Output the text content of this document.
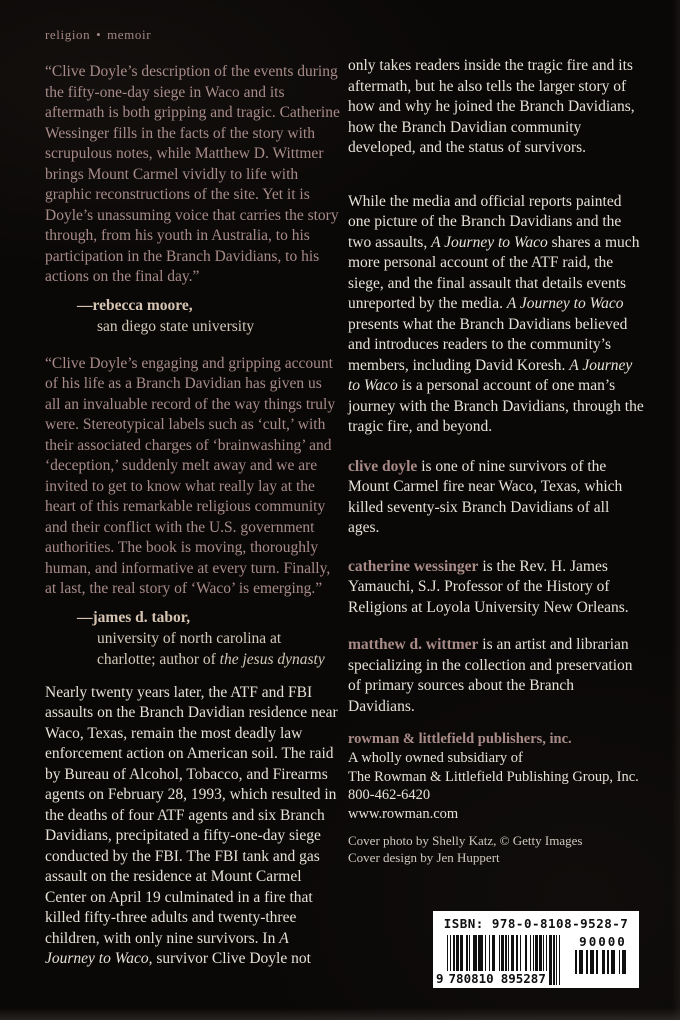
religion • memoir

“Clive Doyle’s description of the events during the fifty-one-day siege in Waco and its aftermath is both gripping and tragic. Catherine Wessinger fills in the facts of the story with scrupulous notes, while Matthew D. Wittmer brings Mount Carmel vividly to life with graphic reconstructions of the site. Yet it is Doyle’s unassuming voice that carries the story through, from his youth in Australia, to his participation in the Branch Davidians, to his actions on the final day.”

—rebecca moore,
san diego state university

“Clive Doyle’s engaging and gripping account of his life as a Branch Davidian has given us all an invaluable record of the way things truly were. Stereotypical labels such as ‘cult,’ with their associated charges of ‘brainwashing’ and ‘deception,’ suddenly melt away and we are invited to get to know what really lay at the heart of this remarkable religious community and their conflict with the U.S. government authorities. The book is moving, thoroughly human, and informative at every turn. Finally, at last, the real story of ‘Waco’ is emerging.”

—james d. tabor,
university of north carolina at charlotte; author of the jesus dynasty

Nearly twenty years later, the ATF and FBI assaults on the Branch Davidian residence near Waco, Texas, remain the most deadly law enforcement action on American soil. The raid by Bureau of Alcohol, Tobacco, and Firearms agents on February 28, 1993, which resulted in the deaths of four ATF agents and six Branch Davidians, precipitated a fifty-one-day siege conducted by the FBI. The FBI tank and gas assault on the residence at Mount Carmel Center on April 19 culminated in a fire that killed fifty-three adults and twenty-three children, with only nine survivors. In A Journey to Waco, survivor Clive Doyle not

only takes readers inside the tragic fire and its aftermath, but he also tells the larger story of how and why he joined the Branch Davidians, how the Branch Davidian community developed, and the status of survivors.

While the media and official reports painted one picture of the Branch Davidians and the two assaults, A Journey to Waco shares a much more personal account of the ATF raid, the siege, and the final assault that details events unreported by the media. A Journey to Waco presents what the Branch Davidians believed and introduces readers to the community’s members, including David Koresh. A Journey to Waco is a personal account of one man’s journey with the Branch Davidians, through the tragic fire, and beyond.

clive doyle is one of nine survivors of the Mount Carmel fire near Waco, Texas, which killed seventy-six Branch Davidians of all ages.

catherine wessinger is the Rev. H. James Yamauchi, S.J. Professor of the History of Religions at Loyola University New Orleans.

matthew d. wittmer is an artist and librarian specializing in the collection and preservation of primary sources about the Branch Davidians.

rowman & littlefield publishers, inc.
A wholly owned subsidiary of
The Rowman & Littlefield Publishing Group, Inc.
800-462-6420
www.rowman.com
Cover photo by Shelly Katz, © Getty Images
Cover design by Jen Huppert
ISBN: 978-0-8108-9528-7
9 780810 895287
90000
